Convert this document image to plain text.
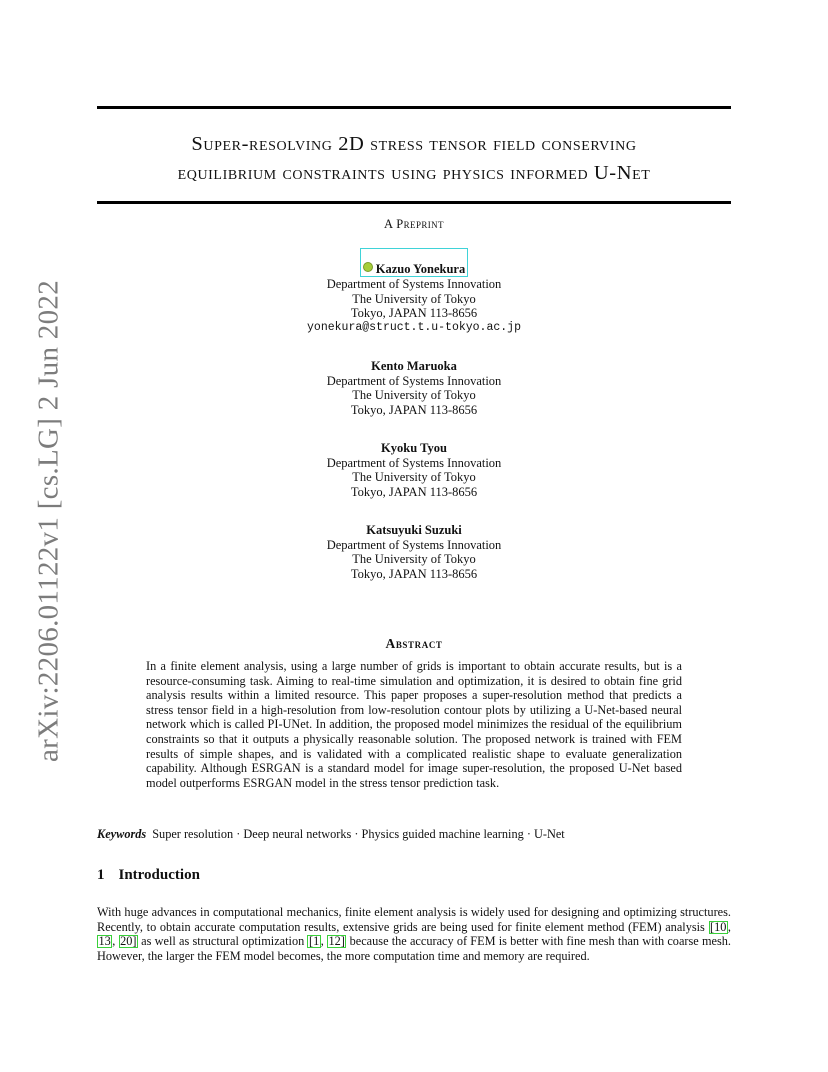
Super-resolving 2D stress tensor field conserving
equilibrium constraints using physics informed U-Net
A Preprint
Kazuo Yonekura
Department of Systems Innovation
The University of Tokyo
Tokyo, JAPAN 113-8656
yonekura@struct.t.u-tokyo.ac.jp
Kento Maruoka
Department of Systems Innovation
The University of Tokyo
Tokyo, JAPAN 113-8656
Kyoku Tyou
Department of Systems Innovation
The University of Tokyo
Tokyo, JAPAN 113-8656
Katsuyuki Suzuki
Department of Systems Innovation
The University of Tokyo
Tokyo, JAPAN 113-8656
Abstract

In a finite element analysis, using a large number of grids is important to obtain accurate results, but is a resource-consuming task. Aiming to real-time simulation and optimization, it is desired to obtain fine grid analysis results within a limited resource. This paper proposes a super-resolution method that predicts a stress tensor field in a high-resolution from low-resolution contour plots by utilizing a U-Net-based neural network which is called PI-UNet. In addition, the proposed model minimizes the residual of the equilibrium constraints so that it outputs a physically reasonable solution. The proposed network is trained with FEM results of simple shapes, and is validated with a complicated realistic shape to evaluate generalization capability. Although ESRGAN is a standard model for image super-resolution, the proposed U-Net based model outperforms ESRGAN model in the stress tensor prediction task.

Keywords Super resolution · Deep neural networks · Physics guided machine learning · U-Net
1 Introduction

With huge advances in computational mechanics, finite element analysis is widely used for designing and optimizing structures. Recently, to obtain accurate computation results, extensive grids are being used for finite element method (FEM) analysis [10 , 13 , 20] as well as structural optimization [1 , 12] because the accuracy of FEM is better with fine mesh than with coarse mesh. However, the larger the FEM model becomes, the more computation time and memory are required.

arXiv:2206.01122v1 [cs.LG] 2 Jun 2022
